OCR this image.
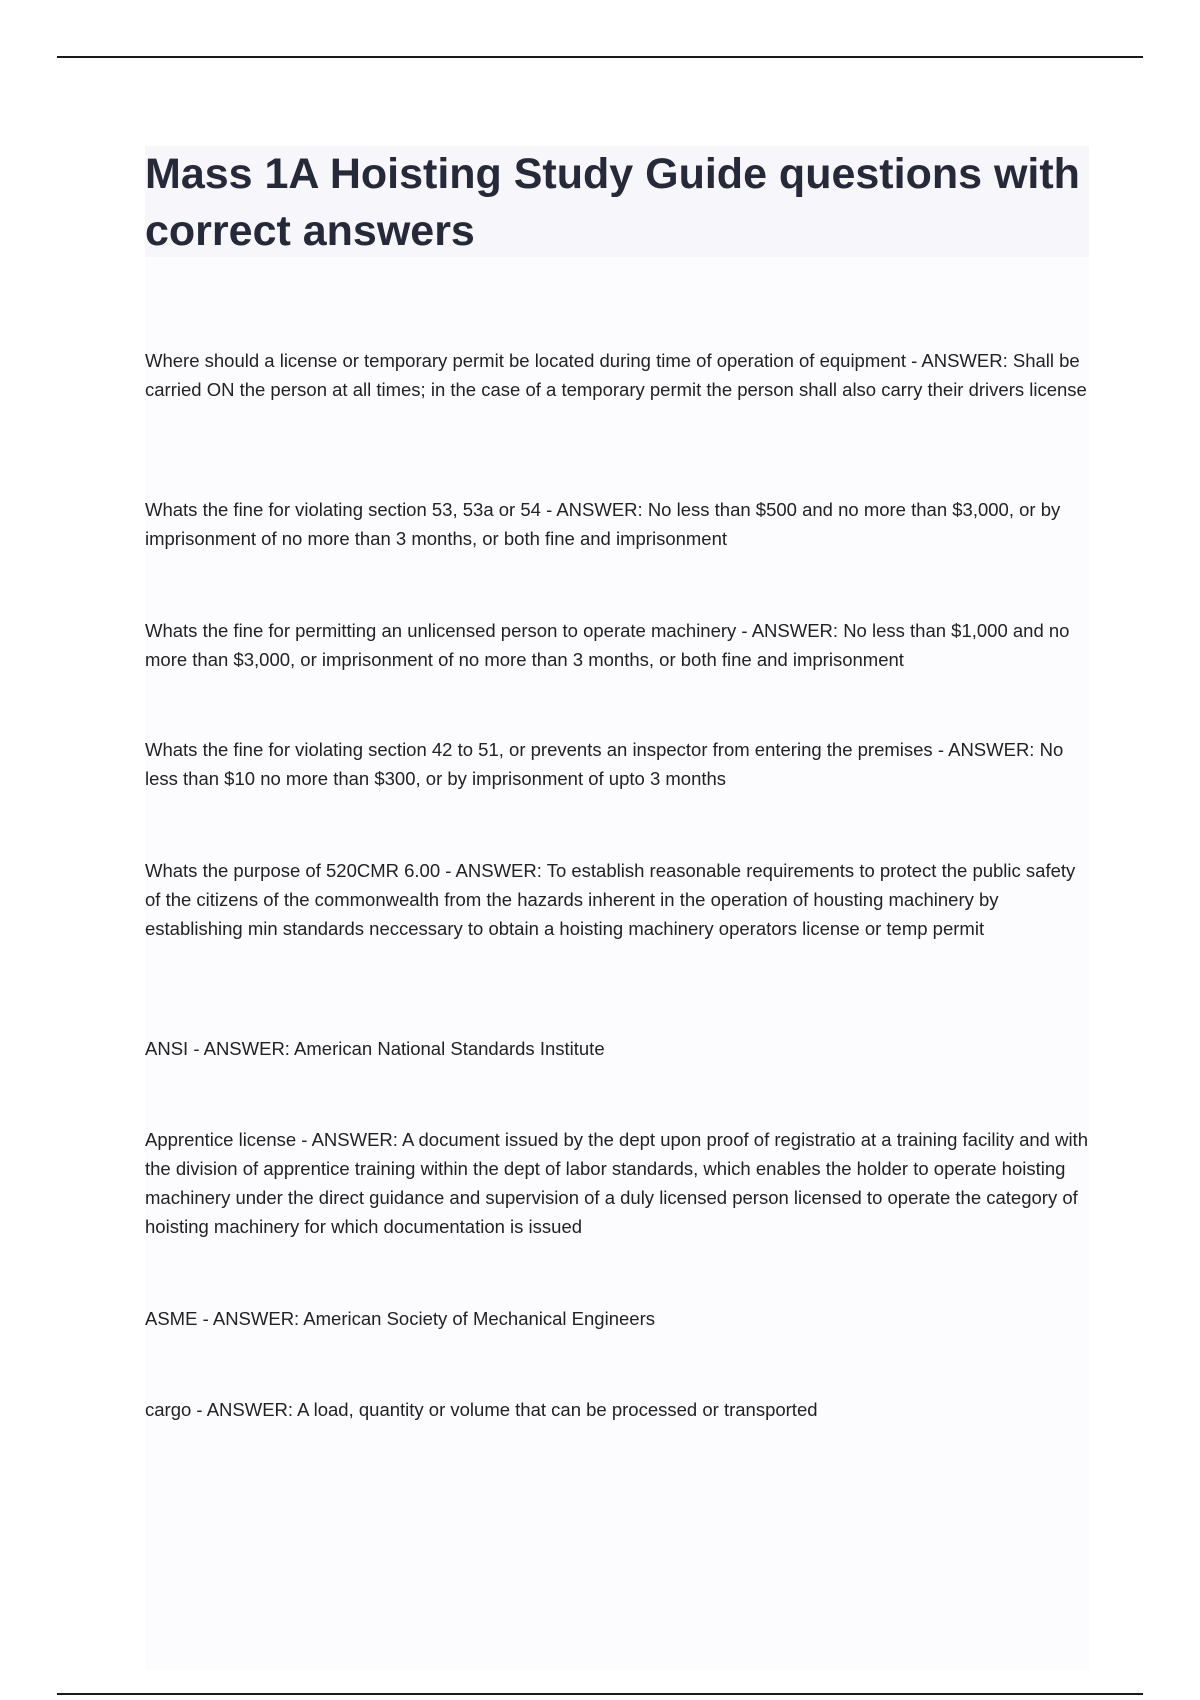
Mass 1A Hoisting Study Guide questions with correct answers

Where should a license or temporary permit be located during time of operation of equipment - ANSWER: Shall be carried ON the person at all times; in the case of a temporary permit the person shall also carry their drivers license

Whats the fine for violating section 53, 53a or 54 - ANSWER: No less than $500 and no more than $3,000, or by imprisonment of no more than 3 months, or both fine and imprisonment

Whats the fine for permitting an unlicensed person to operate machinery - ANSWER: No less than $1,000 and no more than $3,000, or imprisonment of no more than 3 months, or both fine and imprisonment

Whats the fine for violating section 42 to 51, or prevents an inspector from entering the premises - ANSWER: No less than $10 no more than $300, or by imprisonment of upto 3 months

Whats the purpose of 520CMR 6.00 - ANSWER: To establish reasonable requirements to protect the public safety of the citizens of the commonwealth from the hazards inherent in the operation of housting machinery by establishing min standards neccessary to obtain a hoisting machinery operators license or temp permit

ANSI - ANSWER: American National Standards Institute

Apprentice license - ANSWER: A document issued by the dept upon proof of registratio at a training facility and with the division of apprentice training within the dept of labor standards, which enables the holder to operate hoisting machinery under the direct guidance and supervision of a duly licensed person licensed to operate the category of hoisting machinery for which documentation is issued

ASME - ANSWER: American Society of Mechanical Engineers

cargo - ANSWER: A load, quantity or volume that can be processed or transported
